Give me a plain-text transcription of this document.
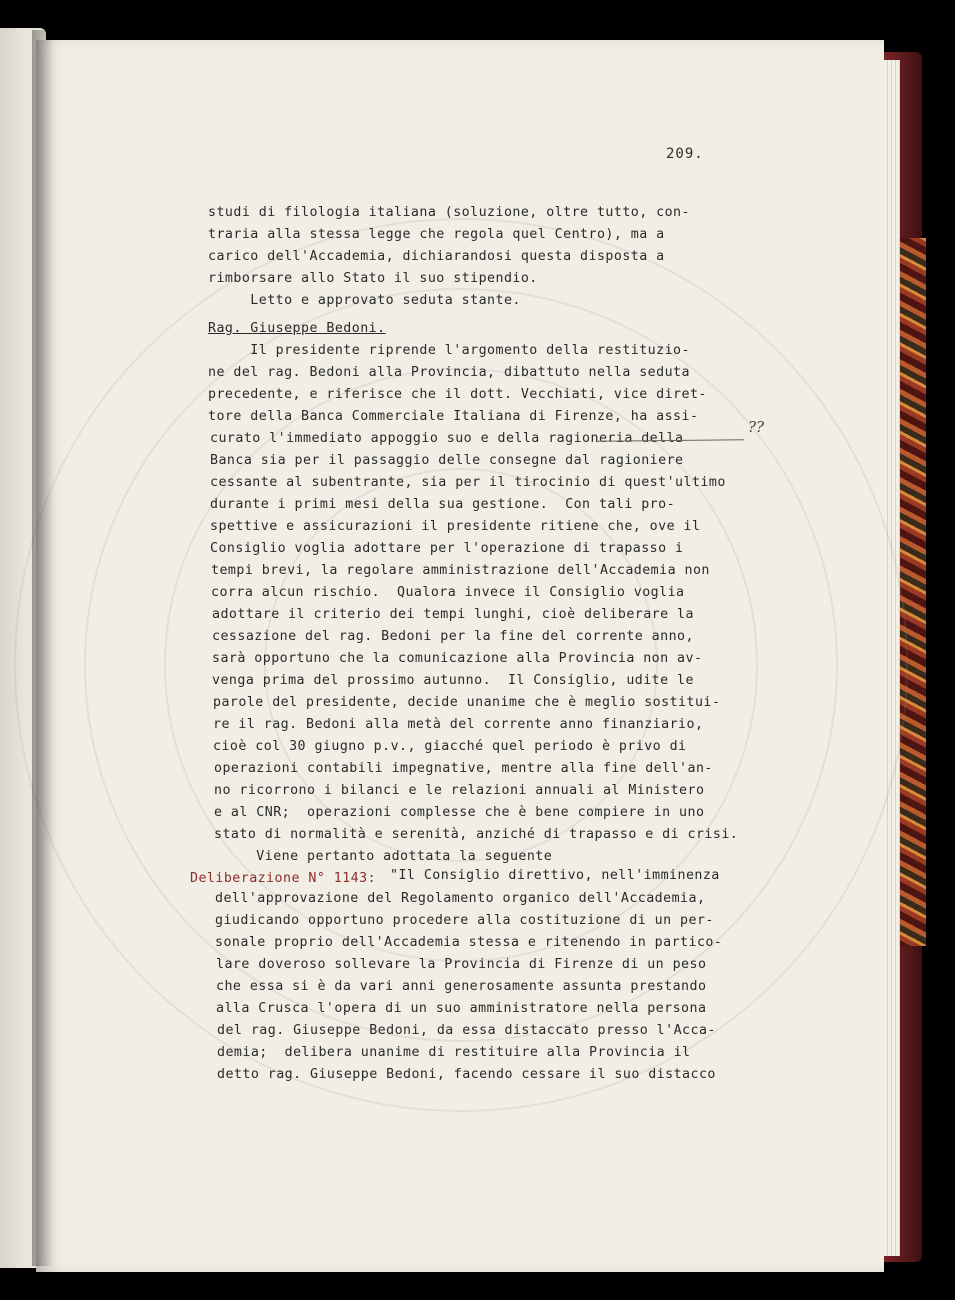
209.
studi di filologia italiana (soluzione, oltre tutto, con-
traria alla stessa legge che regola quel Centro), ma a
carico dell'Accademia, dichiarandosi questa disposta a
rimborsare allo Stato il suo stipendio.
Letto e approvato seduta stante.
Rag. Giuseppe Bedoni.
Il presidente riprende l'argomento della restituzio-
ne del rag. Bedoni alla Provincia, dibattuto nella seduta
precedente, e riferisce che il dott. Vecchiati, vice diret-
tore della Banca Commerciale Italiana di Firenze, ha assi-
curato l'immediato appoggio suo e della ragioneria della
Banca sia per il passaggio delle consegne dal ragioniere
cessante al subentrante, sia per il tirocinio di quest'ultimo
durante i primi mesi della sua gestione.  Con tali pro-
spettive e assicurazioni il presidente ritiene che, ove il
Consiglio voglia adottare per l'operazione di trapasso i
tempi brevi, la regolare amministrazione dell'Accademia non
corra alcun rischio.  Qualora invece il Consiglio voglia
adottare il criterio dei tempi lunghi, cioè deliberare la
cessazione del rag. Bedoni per la fine del corrente anno,
sarà opportuno che la comunicazione alla Provincia non av-
venga prima del prossimo autunno.  Il Consiglio, udite le
parole del presidente, decide unanime che è meglio sostitui-
re il rag. Bedoni alla metà del corrente anno finanziario,
cioè col 30 giugno p.v., giacché quel periodo è privo di
operazioni contabili impegnative, mentre alla fine dell'an-
no ricorrono i bilanci e le relazioni annuali al Ministero
e al CNR;  operazioni complesse che è bene compiere in uno
stato di normalità e serenità, anziché di trapasso e di crisi.
Viene pertanto adottata la seguente
Deliberazione N° 1143: "Il Consiglio direttivo, nell'imminenza
dell'approvazione del Regolamento organico dell'Accademia,
giudicando opportuno procedere alla costituzione di un per-
sonale proprio dell'Accademia stessa e ritenendo in partico-
lare doveroso sollevare la Provincia di Firenze di un peso
che essa si è da vari anni generosamente assunta prestando
alla Crusca l'opera di un suo amministratore nella persona
del rag. Giuseppe Bedoni, da essa distaccato presso l'Acca-
demia;  delibera unanime di restituire alla Provincia il
detto rag. Giuseppe Bedoni, facendo cessare il suo distacco
??
